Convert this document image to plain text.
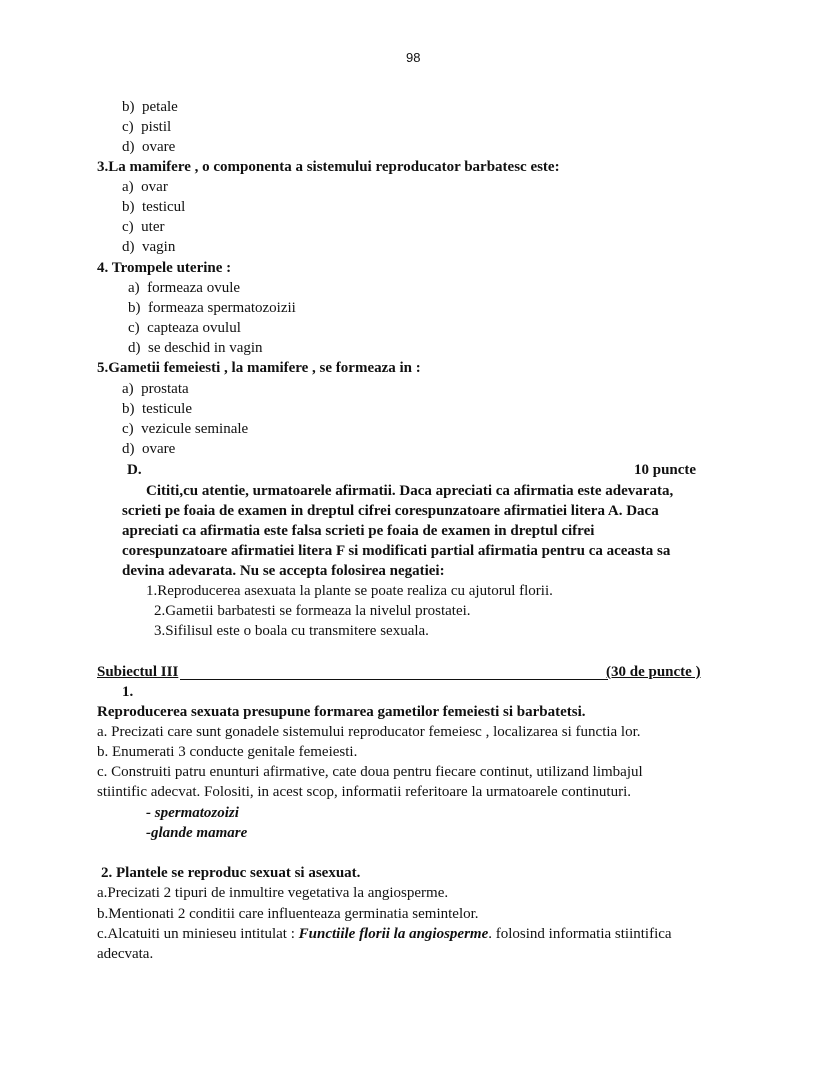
98
b) petale
c) pistil
d) ovare
3.La mamifere , o componenta a sistemului reproducator barbatesc este:
a) ovar
b) testicul
c) uter
d) vagin
4. Trompele uterine :
a) formeaza ovule
b) formeaza spermatozoizii
c) capteaza ovulul
d) se deschid in vagin
5.Gametii femeiesti , la mamifere , se formeaza in :
a) prostata
b) testicule
c) vezicule seminale
d) ovare
D.	10 puncte
Cititi,cu atentie, urmatoarele afirmatii. Daca apreciati ca afirmatia este adevarata,
scrieti pe foaia de examen in dreptul cifrei corespunzatoare afirmatiei litera A. Daca
apreciati ca afirmatia este falsa scrieti pe foaia de examen in dreptul cifrei
corespunzatoare afirmatiei litera F si modificati partial afirmatia pentru ca aceasta sa
devina adevarata. Nu se accepta folosirea negatiei:
1.Reproducerea asexuata la plante se poate realiza cu ajutorul florii.
2.Gametii barbatesti se formeaza la nivelul prostatei.
3.Sifilisul este o boala cu transmitere sexuala.
Subiectul III	(30 de puncte )
1.
Reproducerea sexuata presupune formarea gametilor femeiesti si barbatetsi.
a. Precizati care sunt gonadele sistemului reproducator femeiesc , localizarea si functia lor.
b. Enumerati 3 conducte genitale femeiesti.
c. Construiti patru enunturi afirmative, cate doua pentru fiecare continut, utilizand limbajul
stiintific adecvat. Folositi, in acest scop, informatii referitoare la urmatoarele continuturi.
- spermatozoizi
-glande mamare
2. Plantele se reproduc sexuat si asexuat.
a.Precizati 2 tipuri de inmultire vegetativa la angiosperme.
b.Mentionati 2 conditii care influenteaza germinatia semintelor.
c.Alcatuiti un minieseu intitulat : Functiile florii la angiosperme. folosind informatia stiintifica
adecvata.
